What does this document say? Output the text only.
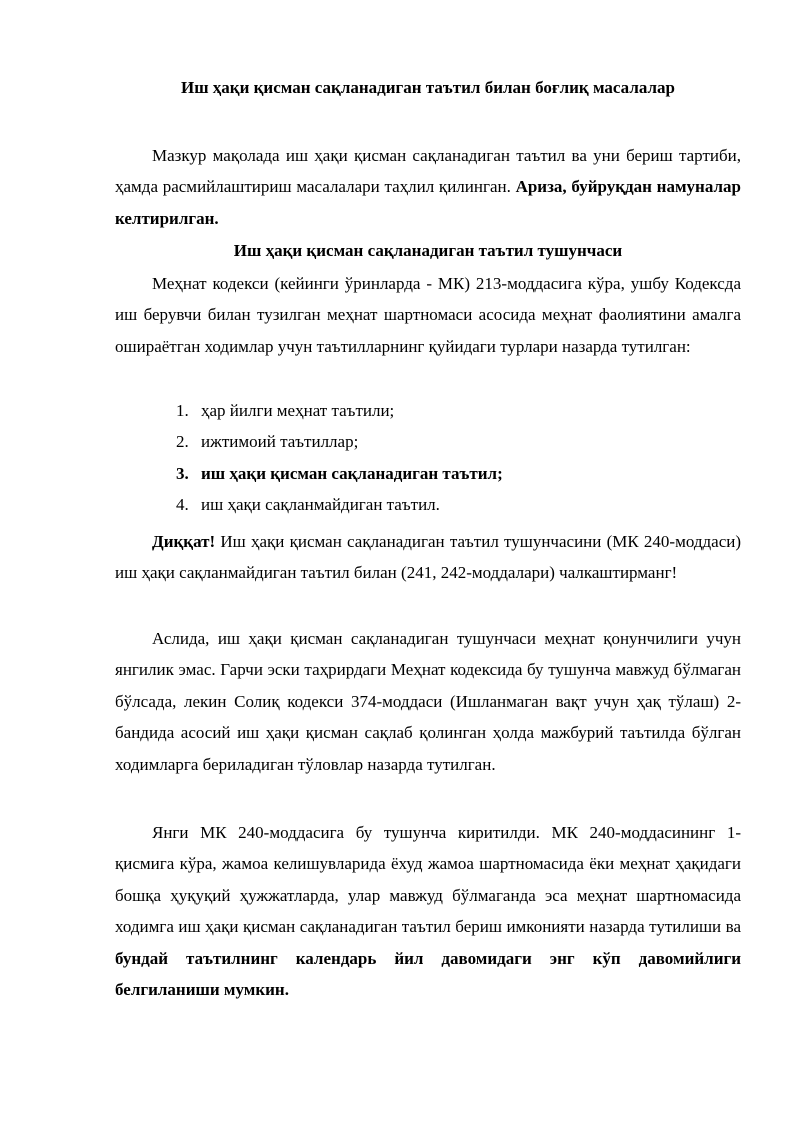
Иш ҳақи қисман сақланадиган таътил билан боғлиқ масалалар

Мазкур мақолада иш ҳақи қисман сақланадиган таътил ва уни бериш тартиби, ҳамда расмийлаштириш масалалари таҳлил қилинган. Ариза, буйруқдан намуналар келтирилган.

Иш ҳақи қисман сақланадиган таътил тушунчаси

Меҳнат кодекси (кейинги ўринларда - МК) 213-моддасига кўра, ушбу Кодексда иш берувчи билан тузилган меҳнат шартномаси асосида меҳнат фаолиятини амалга ошираётган ходимлар учун таътилларнинг қуйидаги турлари назарда тутилган:

1. ҳар йилги меҳнат таътили;
2. ижтимоий таътиллар;
3. иш ҳақи қисман сақланадиган таътил;
4. иш ҳақи сақланмайдиган таътил.

Диққат! Иш ҳақи қисман сақланадиган таътил тушунчасини (МК 240-моддаси) иш ҳақи сақланмайдиган таътил билан (241, 242-моддалари) чалкаштирманг!

Аслида, иш ҳақи қисман сақланадиган тушунчаси меҳнат қонунчилиги учун янгилик эмас. Гарчи эски таҳрирдаги Меҳнат кодексида бу тушунча мавжуд бўлмаган бўлсада, лекин Солиқ кодекси 374-моддаси (Ишланмаган вақт учун ҳақ тўлаш) 2-бандида асосий иш ҳақи қисман сақлаб қолинган ҳолда мажбурий таътилда бўлган ходимларга бериладиган тўловлар назарда тутилган.

Янги МК 240-моддасига бу тушунча киритилди. МК 240-моддасининг 1-қисмига кўра, жамоа келишувларида ёхуд жамоа шартномасида ёки меҳнат ҳақидаги бошқа ҳуқуқий ҳужжатларда, улар мавжуд бўлмаганда эса меҳнат шартномасида ходимга иш ҳақи қисман сақланадиган таътил бериш имконияти назарда тутилиши ва бундай таътилнинг календарь йил давомидаги энг кўп давомийлиги белгиланиши мумкин.
